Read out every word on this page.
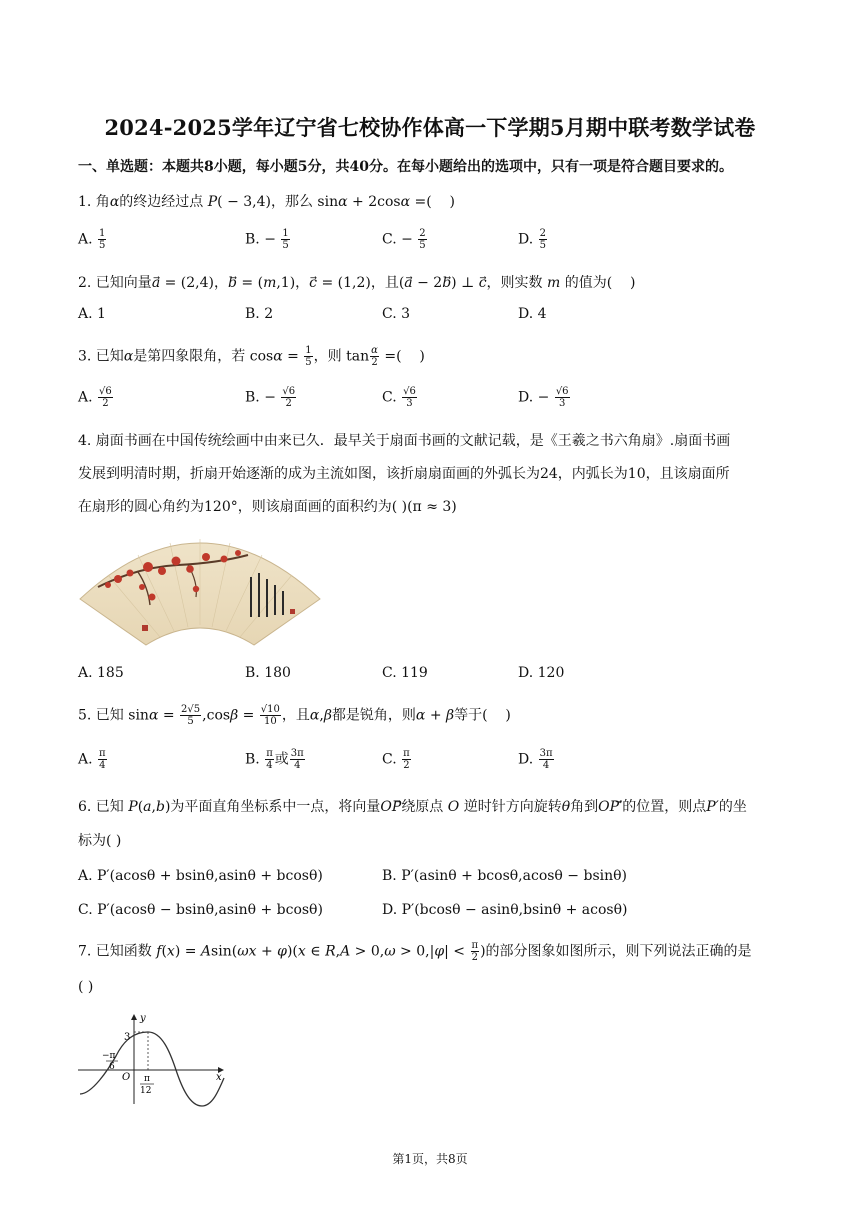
2024-2025学年辽宁省七校协作体高一下学期5月期中联考数学试卷
一、单选题：本题共8小题，每小题5分，共40分。在每小题给出的选项中，只有一项是符合题目要求的。
1. 角α的终边经过点 P( − 3,4)，那么 sinα + 2cosα =(    )
A. $\frac{1}{5}$	B. − $\frac{1}{5}$	C. − $\frac{2}{5}$	D. $\frac{2}{5}$
2. 已知向量a⃗ = (2,4)，b⃗ = (m,1)，c⃗ = (1,2)，且(a⃗ − 2b⃗) ⊥ c⃗，则实数 m 的值为(    )
A. 1	B. 2	C. 3	D. 4
3. 已知α是第四象限角，若 $\cos\alpha = \frac{1}{5}$ ，则 $\tan \frac{\alpha}{2}$ =(    )
A. $\frac{√6}{2}$	B. − $\frac{√6}{2}$	C. $\frac{√6}{3}$	D. − $\frac{√6}{3}$
4. 扇面书画在中国传统绘画中由来已久．最早关于扇面书画的文献记载，是《王羲之书六角扇》.扇面书画
发展到明清时期，折扇开始逐渐的成为主流如图，该折扇扇面画的外弧长为24，内弧长为10，且该扇面所
在扇形的圆心角约为120°，则该扇面画的面积约为( )(π ≈ 3)
A. 185	B. 180	C. 119	D. 120
5. 已知 $\sin\alpha = \frac{2√5}{5} ,\cos\beta = \frac{√10}{10}$ ，且α,β都是锐角，则α + β等于(    )
A. $\frac{\pi}{4}$	B. $\frac{\pi}{4}$ 或 $\frac{3\pi}{4}$	C. $\frac{\pi}{2}$	D. $\frac{3\pi}{4}$
6. 已知 P(a,b)为平面直角坐标系中一点，将向量OP⃗绕原点 O 逆时针方向旋转θ角到OP′⃗的位置，则点P′的坐
标为( )
A. P′(acosθ + bsinθ,asinθ + bcosθ)	B. P′(asinθ + bcosθ,acosθ − bsinθ)
C. P′(acosθ − bsinθ,asinθ + bcosθ)	D. P′(bcosθ − asinθ,bsinθ + acosθ)
7. 已知函数 f(x) = Asin(ωx + φ)(x ∈ $R,A > 0,\omega > 0,|\varphi| < \frac{\pi}{2}$ )的部分图象如图所示，则下列说法正确的是
( )
y
x
3
O
−π
6
π
12
第1页，共8页
